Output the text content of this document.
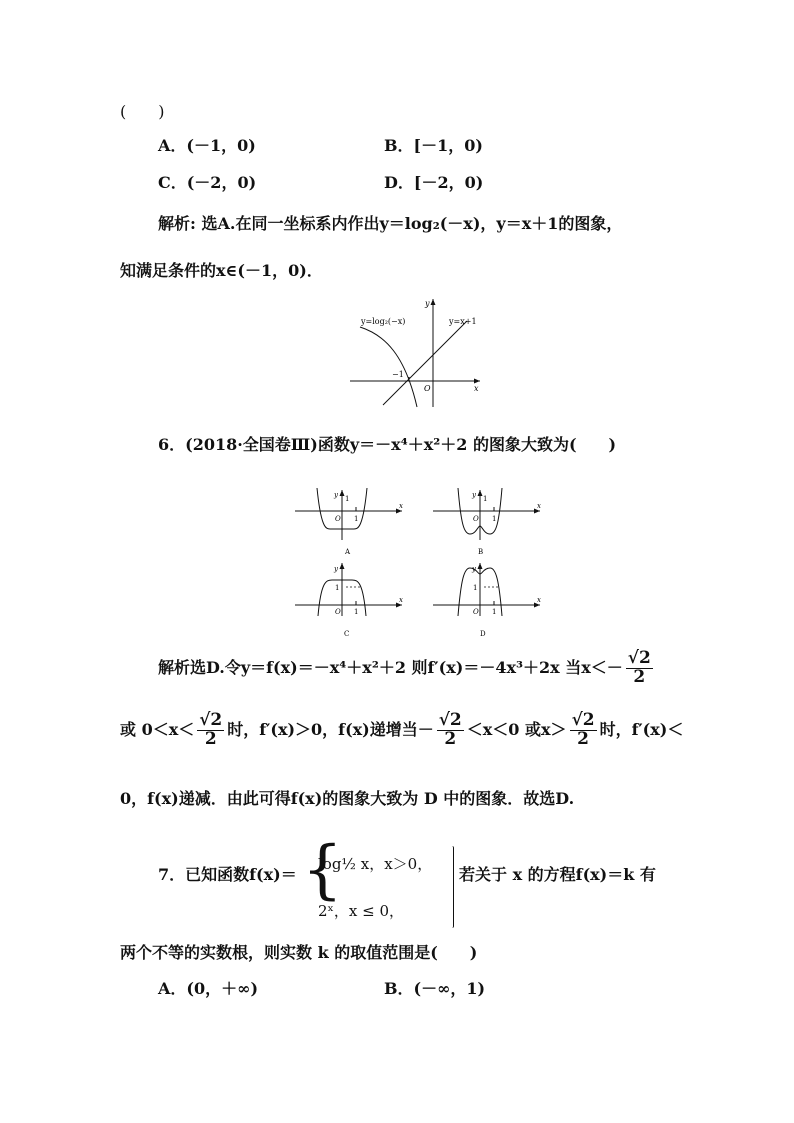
(　　)
A．(－1，0)	B．[－1，0)
C．(－2，0)	D．[－2，0)
解析: 选A.在同一坐标系内作出y＝log₂(－x)，y＝x＋1的图象，
知满足条件的x∈(－1，0)．
y=log₂(−x)	y=x+1
y
x
O
−1
6．(2018·全国卷Ⅲ)函数y＝－x⁴＋x²＋2 的图象大致为(　　)
y
x
O
1
1
A
y
x
O
1
1
B
y
x
O
1
1
C
y
x
O
1
1
D
解析选D.令y＝f(x)＝－x⁴＋x²＋2 则f′(x)＝－4x³＋2x 当$x<- \frac{√2}{2}$
或 $0<x< \frac{√2}{2}$ 时，f′(x)＞0，f(x)递增当－ $\frac{√2}{2} <x<0$ 或$x> \frac{√2}{2}$ 时，f′(x)＜
0，f(x)递减．由此可得f(x)的图象大致为 D 中的图象．故选D.
7．已知函数f(x)＝ {
log½ x，x＞0，
2ˣ，x ≤ 0，
若关于 x 的方程f(x)＝k 有
两个不等的实数根，则实数 k 的取值范围是(　　)
A．(0，＋∞)	B．(－∞，1)
